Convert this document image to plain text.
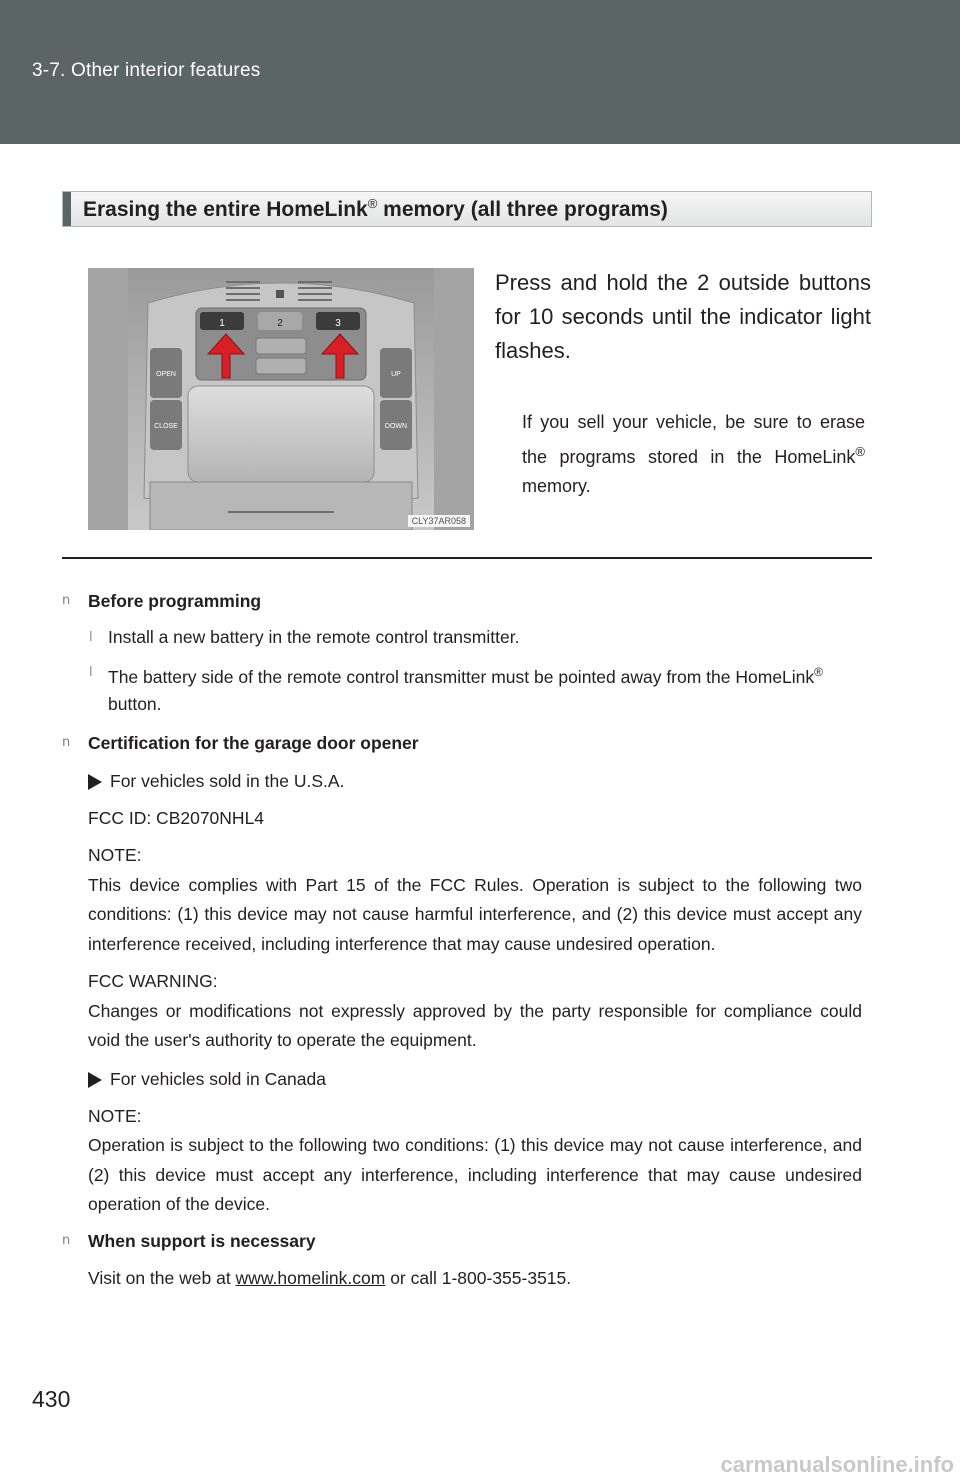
3-7. Other interior features
Erasing the entire HomeLink® memory (all three programs)
1	2	3
OPEN
CLOSE
UP
DOWN
CLY37AR058
Press and hold the 2 outside buttons for 10 seconds until the indicator light flashes.
If you sell your vehicle, be sure to erase the programs stored in the HomeLink® memory.
n Before programming
l Install a new battery in the remote control transmitter.
l The battery side of the remote control transmitter must be pointed away from the HomeLink® button.
n Certification for the garage door opener
For vehicles sold in the U.S.A.
FCC ID: CB2070NHL4
NOTE:
This device complies with Part 15 of the FCC Rules. Operation is subject to the following two conditions: (1) this device may not cause harmful interference, and (2) this device must accept any interference received, including interference that may cause undesired operation.
FCC WARNING:
Changes or modifications not expressly approved by the party responsible for compliance could void the user's authority to operate the equipment.
For vehicles sold in Canada
NOTE:
Operation is subject to the following two conditions: (1) this device may not cause interference, and (2) this device must accept any interference, including interference that may cause undesired operation of the device.
n When support is necessary
Visit on the web at www.homelink.com or call 1-800-355-3515.
430
carmanualsonline.info
